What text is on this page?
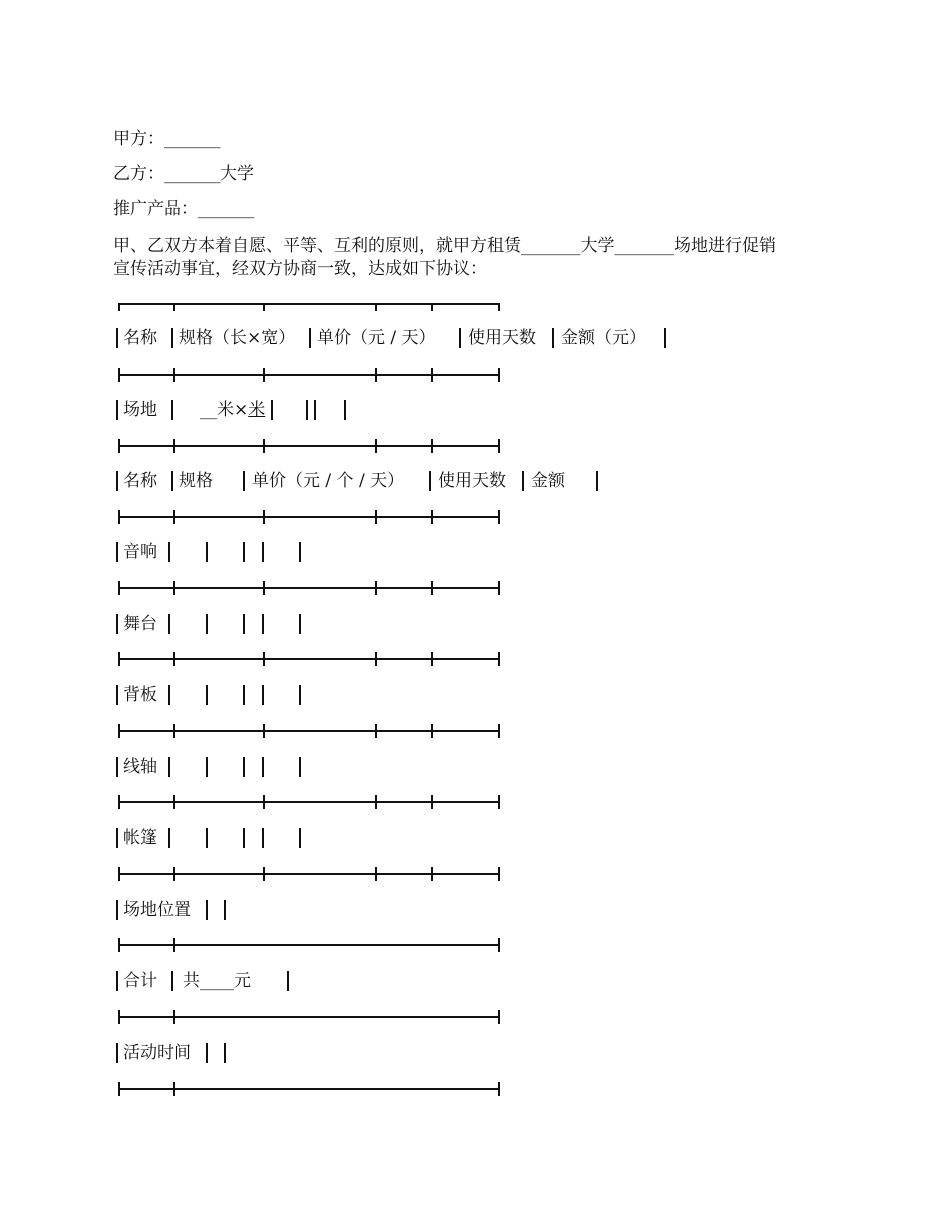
甲方：_______
乙方：_______大学
推广产品：_______
甲、乙双方本着自愿、平等、互利的原则，就甲方租赁_______大学_______场地进行促销
宣传活动事宜，经双方协商一致，达成如下协议：
名称 规格（长×宽） 单价（元 / 天） 使用天数 金额（元）
场地	__米×米
名称 规格 单价（元 / 个 / 天） 使用天数 金额
音响
舞台
背板
线轴
帐篷
场地位置
合计 共____元
活动时间
